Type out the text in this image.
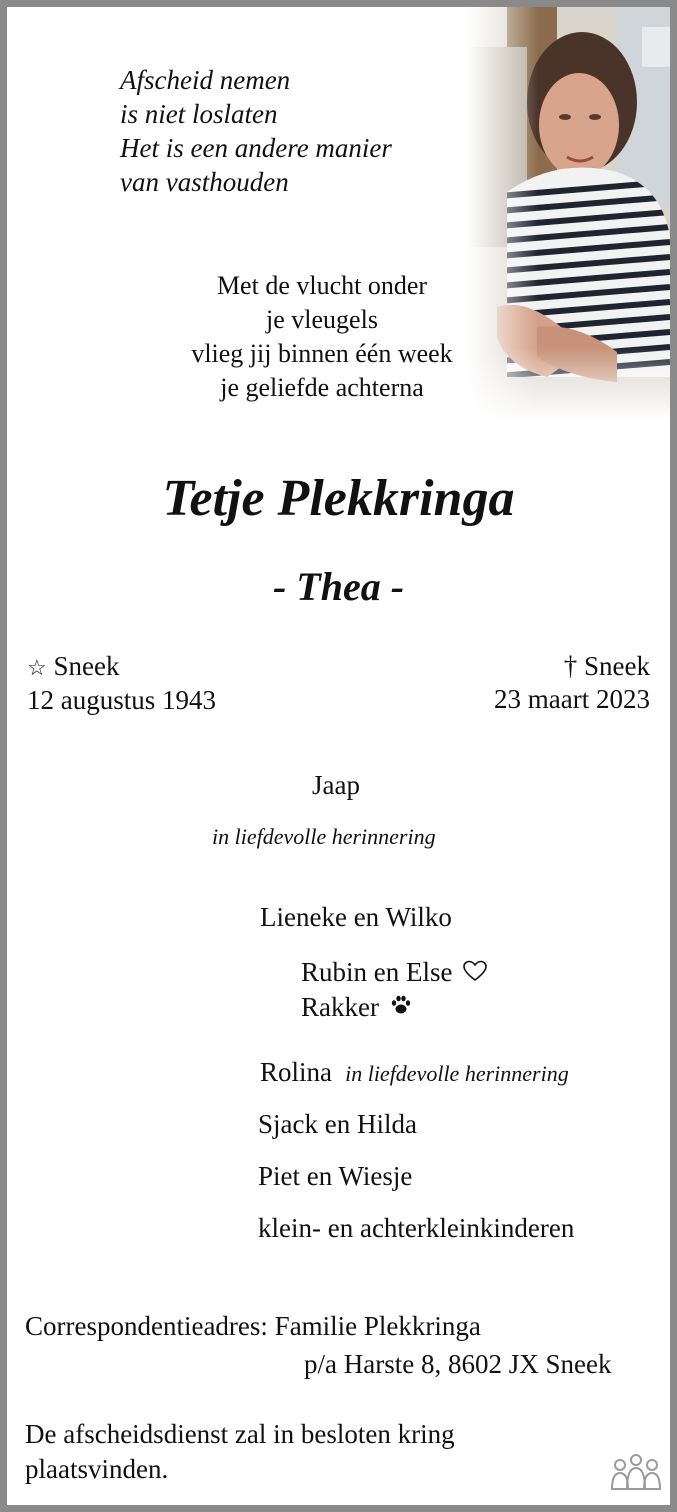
Afscheid nemen
is niet loslaten
Het is een andere manier
van vasthouden
Met de vlucht onder
je vleugels
vlieg jij binnen één week
je geliefde achterna
Tetje Plekkringa
- Thea -
☆ Sneek
12 augustus 1943
† Sneek
23 maart 2023
Jaap
in liefdevolle herinnering
Lieneke en Wilko
Rubin en Else
Rakker
Rolina in liefdevolle herinnering
Sjack en Hilda
Piet en Wiesje
klein- en achterkleinkinderen
Correspondentieadres: Familie Plekkringa
p/a Harste 8, 8602 JX Sneek
De afscheidsdienst zal in besloten kring
plaatsvinden.
